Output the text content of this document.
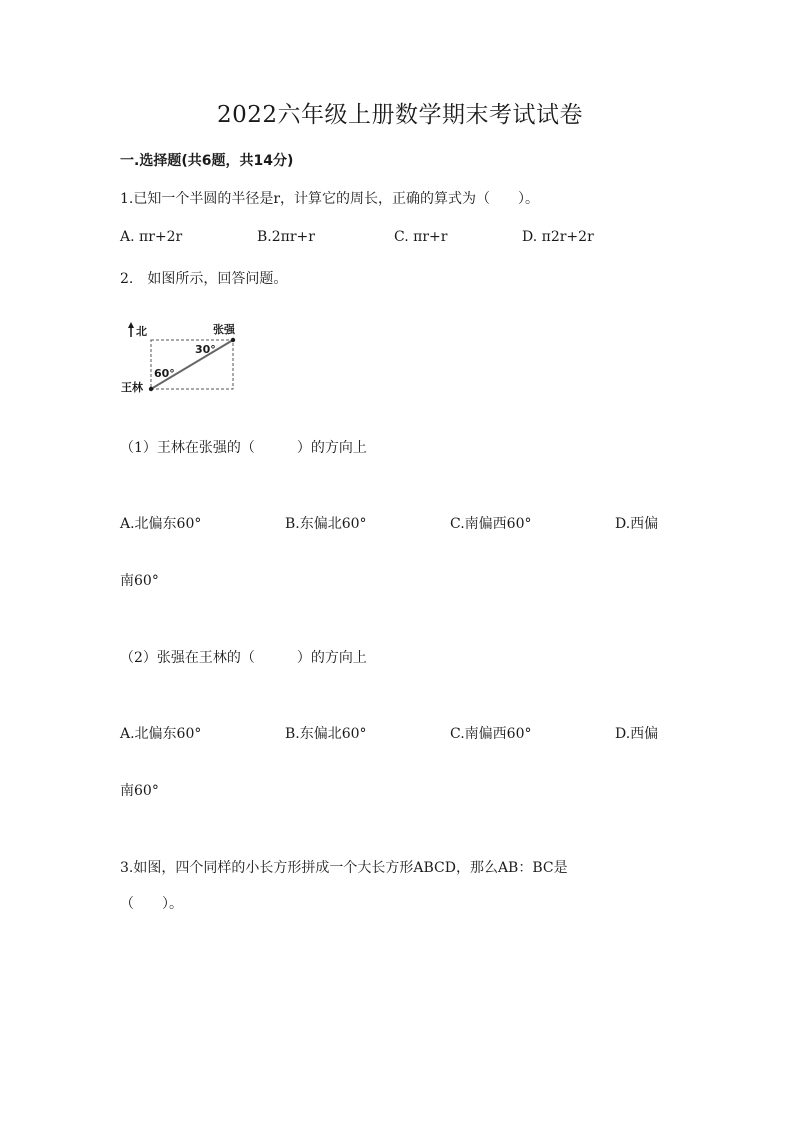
2022六年级上册数学期末考试试卷
一.选择题(共6题，共14分)
1.已知一个半圆的半径是r，计算它的周长，正确的算式为（　　）。
A. πr+2r	B.2πr+r	C. πr+r	D. π2r+2r
2.　如图所示，回答问题。
北	张强
王林
30°
60°
（1）王林在张强的（　　　）的方向上
A.北偏东60°	B.东偏北60°	C.南偏西60°	D.西偏
南60°
（2）张强在王林的（　　　）的方向上
A.北偏东60°	B.东偏北60°	C.南偏西60°	D.西偏
南60°
3.如图，四个同样的小长方形拼成一个大长方形ABCD，那么AB：BC是
（　　）。
